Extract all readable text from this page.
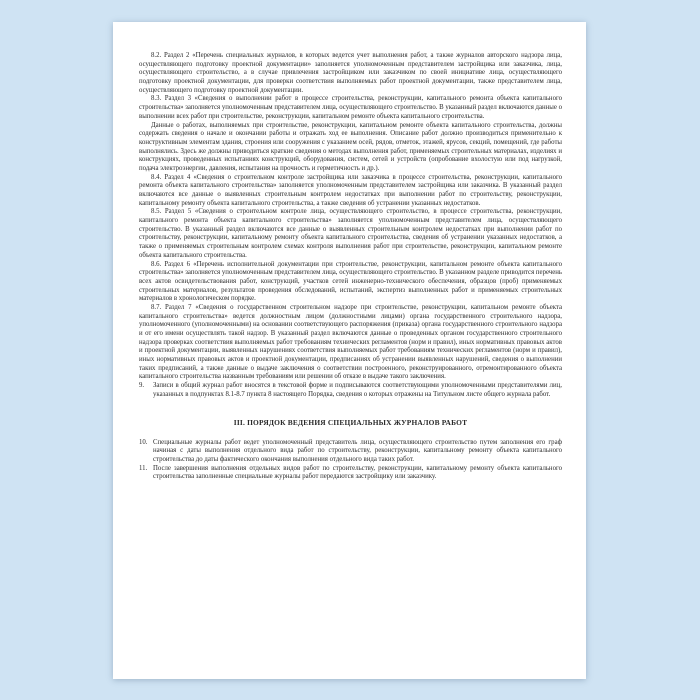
8.2. Раздел 2 «Перечень специальных журналов, в которых ведется учет выполнения работ, а также журналов авторского надзора лица, осуществляющего подготовку проектной документации» заполняется уполномоченным представителем застройщика или заказчика, лица, осуществляющего строительство, а в случае привлечения застройщиком или заказчиком по своей инициативе лица, осуществляющего подготовку проектной документации, для проверки соответствия выполняемых работ проектной документации, также представителем лица, осуществляющего подготовку проектной документации.

8.3. Раздел 3 «Сведения о выполнении работ в процессе строительства, реконструкции, капитального ремонта объекта капитального строительства» заполняется уполномоченным представителем лица, осуществляющего строительство. В указанный раздел включаются данные о выполнении всех работ при строительстве, реконструкции, капитальном ремонте объекта капитального строительства.

Данные о работах, выполняемых при строительстве, реконструкции, капитальном ремонте объекта капитального строительства, должны содержать сведения о начале и окончании работы и отражать ход ее выполнения. Описание работ должно производиться применительно к конструктивным элементам здания, строения или сооружения с указанием осей, рядов, отметок, этажей, ярусов, секций, помещений, где работы выполнялись. Здесь же должны приводиться краткие сведения о методах выполнения работ, применяемых строительных материалах, изделиях и конструкциях, проведенных испытаниях конструкций, оборудования, систем, сетей и устройств (опробование вхолостую или под нагрузкой, подача электроэнергии, давления, испытания на прочность и герметичность и др.).

8.4. Раздел 4 «Сведения о строительном контроле застройщика или заказчика в процессе строительства, реконструкции, капитального ремонта объекта капитального строительства» заполняется уполномоченным представителем застройщика или заказчика. В указанный раздел включаются все данные о выявленных строительным контролем недостатках при выполнении работ по строительству, реконструкции, капитальному ремонту объекта капитального строительства, а также сведения об устранении указанных недостатков.

8.5. Раздел 5 «Сведения о строительном контроле лица, осуществляющего строительство, в процессе строительства, реконструкции, капитального ремонта объекта капитального строительства» заполняется уполномоченным представителем лица, осуществляющего строительство. В указанный раздел включаются все данные о выявленных строительным контролем недостатках при выполнении работ по строительству, реконструкции, капитальному ремонту объекта капитального строительства, сведения об устранении указанных недостатков, а также о применяемых строительным контролем схемах контроля выполнения работ при строительстве, реконструкции, капитальном ремонте объекта капитального строительства.

8.6. Раздел 6 «Перечень исполнительной документации при строительстве, реконструкции, капитальном ремонте объекта капитального строительства» заполняется уполномоченным представителем лица, осуществляющего строительство. В указанном разделе приводится перечень всех актов освидетельствования работ, конструкций, участков сетей инженерно-технического обеспечения, образцов (проб) применяемых строительных материалов, результатов проведения обследований, испытаний, экспертиз выполненных работ и применяемых строительных материалов в хронологическом порядке.

8.7. Раздел 7 «Сведения о государственном строительном надзоре при строительстве, реконструкции, капитальном ремонте объекта капитального строительства» ведется должностным лицом (должностными лицами) органа государственного строительного надзора, уполномоченного (уполномоченными) на основании соответствующего распоряжения (приказа) органа государственного строительного надзора и от его имени осуществлять такой надзор. В указанный раздел включаются данные о проведенных органом государственного строительного надзора проверках соответствия выполняемых работ требованиям технических регламентов (норм и правил), иных нормативных правовых актов и проектной документации, выявленных нарушениях соответствия выполняемых работ требованиям технических регламентов (норм и правил), иных нормативных правовых актов и проектной документации, предписаниях об устранении выявленных нарушений, сведения о выполнении таких предписаний, а также данные о выдаче заключения о соответствии построенного, реконструированного, отремонтированного объекта капитального строительства названным требованиям или решении об отказе в выдаче такого заключения.

9. Записи в общий журнал работ вносятся в текстовой форме и подписываются соответствующими уполномоченными представителями лиц, указанных в подпунктах 8.1-8.7 пункта 8 настоящего Порядка, сведения о которых отражены на Титульном листе общего журнала работ.

III. ПОРЯДОК ВЕДЕНИЯ СПЕЦИАЛЬНЫХ ЖУРНАЛОВ РАБОТ

10. Специальные журналы работ ведет уполномоченный представитель лица, осуществляющего строительство путем заполнения его граф начиная с даты выполнения отдельного вида работ по строительству, реконструкции, капитальному ремонту объекта капитального строительства до даты фактического окончания выполнения отдельного вида таких работ.

11. После завершения выполнения отдельных видов работ по строительству, реконструкции, капитальному ремонту объекта капитального строительства заполненные специальные журналы работ передаются застройщику или заказчику.
